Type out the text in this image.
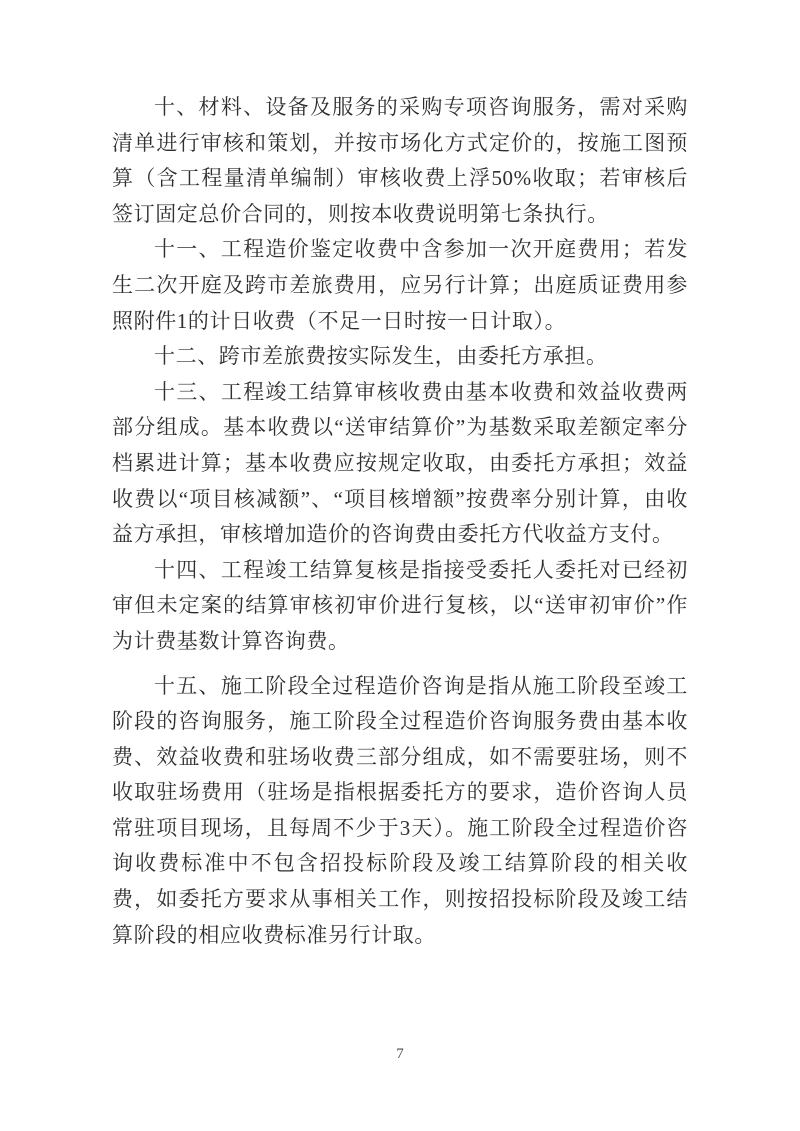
十、材料、设备及服务的采购专项咨询服务，需对采购清单进行审核和策划，并按市场化方式定价的，按施工图预算（含工程量清单编制）审核收费上浮50%收取；若审核后签订固定总价合同的，则按本收费说明第七条执行。

十一、工程造价鉴定收费中含参加一次开庭费用；若发生二次开庭及跨市差旅费用，应另行计算；出庭质证费用参照附件1的计日收费（不足一日时按一日计取）。

十二、跨市差旅费按实际发生，由委托方承担。

十三、工程竣工结算审核收费由基本收费和效益收费两部分组成。基本收费以“送审结算价”为基数采取差额定率分档累进计算；基本收费应按规定收取，由委托方承担；效益收费以“项目核减额”、“项目核增额”按费率分别计算，由收益方承担，审核增加造价的咨询费由委托方代收益方支付。

十四、工程竣工结算复核是指接受委托人委托对已经初审但未定案的结算审核初审价进行复核，以“送审初审价”作为计费基数计算咨询费。

十五、施工阶段全过程造价咨询是指从施工阶段至竣工阶段的咨询服务，施工阶段全过程造价咨询服务费由基本收费、效益收费和驻场收费三部分组成，如不需要驻场，则不收取驻场费用（驻场是指根据委托方的要求，造价咨询人员常驻项目现场，且每周不少于3天）。施工阶段全过程造价咨询收费标准中不包含招投标阶段及竣工结算阶段的相关收费，如委托方要求从事相关工作，则按招投标阶段及竣工结算阶段的相应收费标准另行计取。

7
